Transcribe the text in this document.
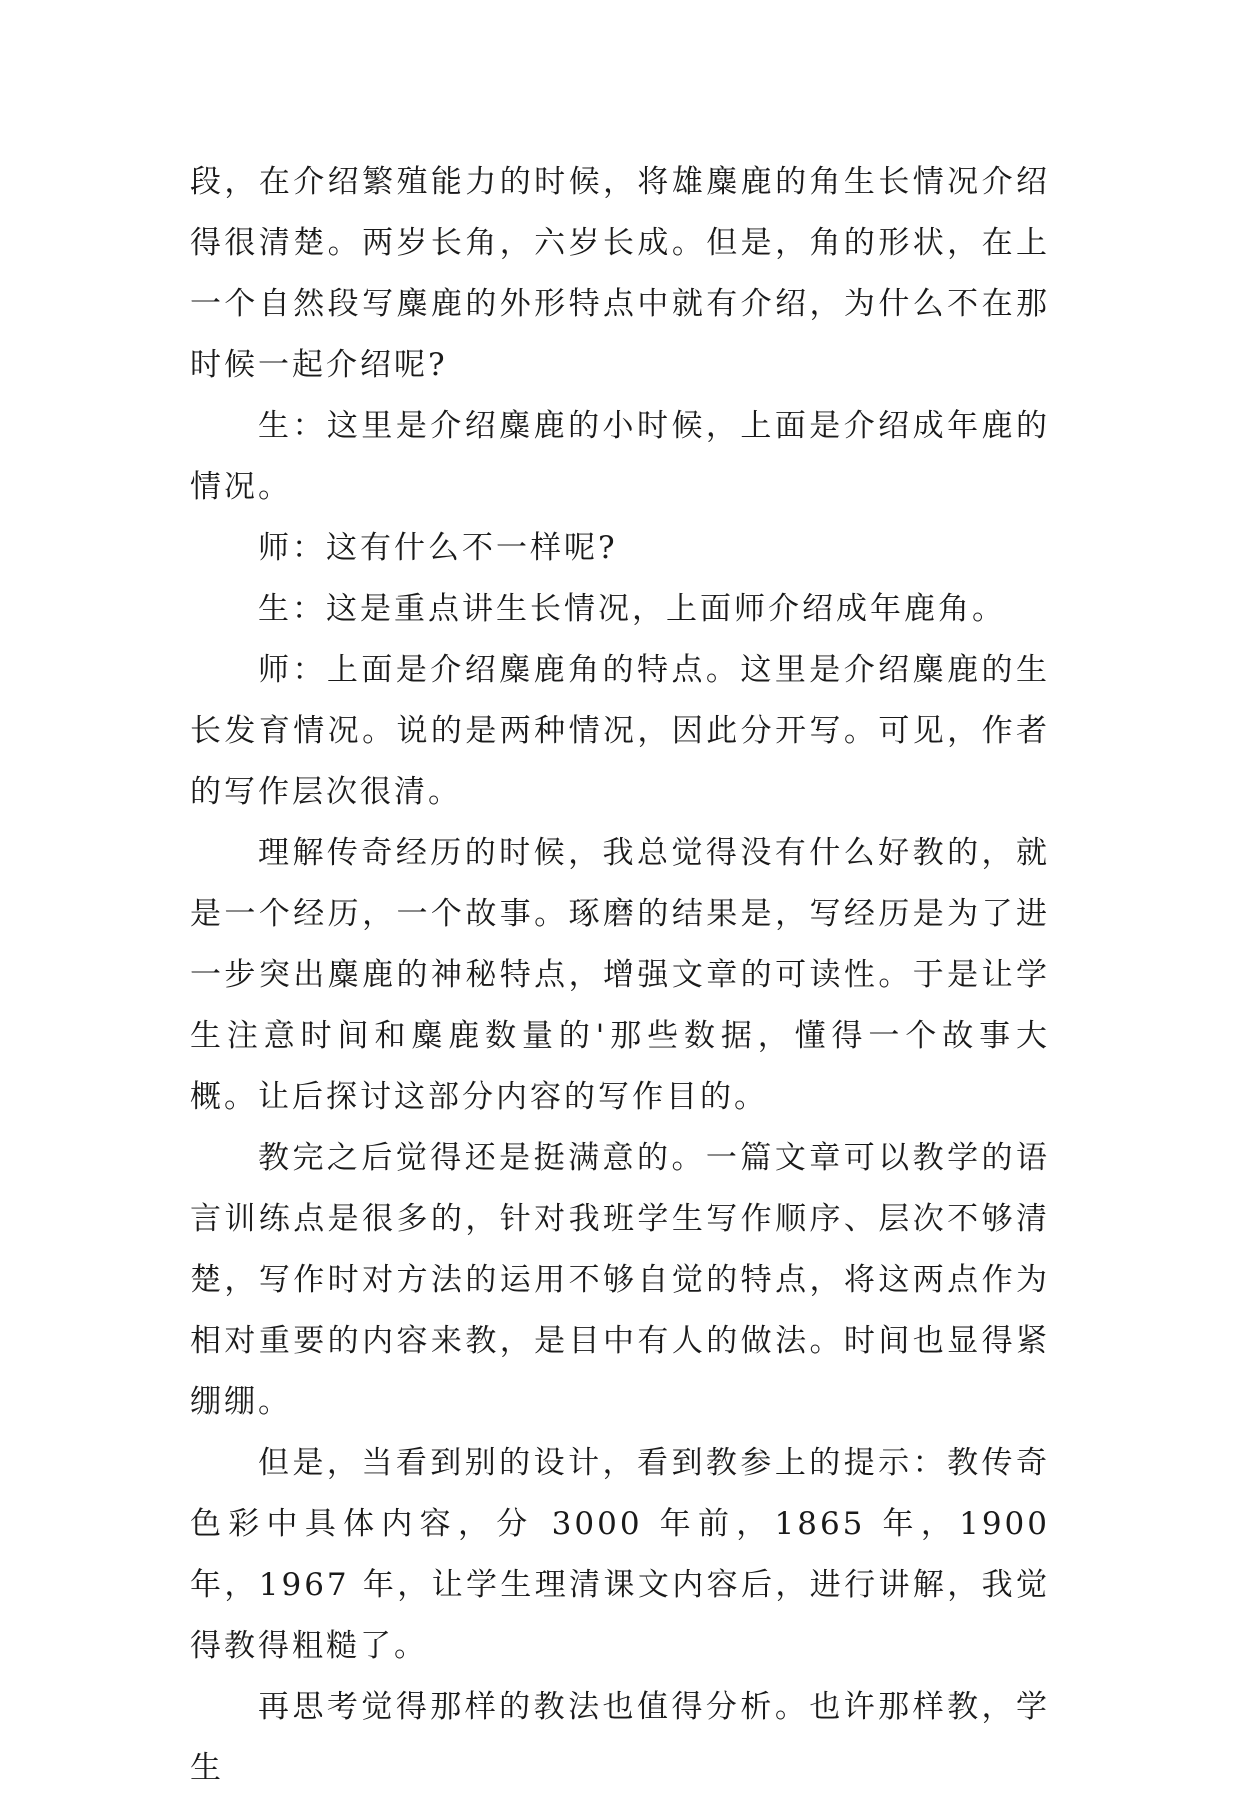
段，在介绍繁殖能力的时候，将雄麋鹿的角生长情况介绍得很清楚。两岁长角，六岁长成。但是，角的形状，在上一个自然段写麋鹿的外形特点中就有介绍，为什么不在那时候一起介绍呢?

生：这里是介绍麋鹿的小时候，上面是介绍成年鹿的情况。

师：这有什么不一样呢?

生：这是重点讲生长情况，上面师介绍成年鹿角。

师：上面是介绍麋鹿角的特点。这里是介绍麋鹿的生长发育情况。说的是两种情况，因此分开写。可见，作者的写作层次很清。

理解传奇经历的时候，我总觉得没有什么好教的，就是一个经历，一个故事。琢磨的结果是，写经历是为了进一步突出麋鹿的神秘特点，增强文章的可读性。于是让学生注意时间和麋鹿数量的'那些数据，懂得一个故事大概。让后探讨这部分内容的写作目的。

教完之后觉得还是挺满意的。一篇文章可以教学的语言训练点是很多的，针对我班学生写作顺序、层次不够清楚，写作时对方法的运用不够自觉的特点，将这两点作为相对重要的内容来教，是目中有人的做法。时间也显得紧绷绷。

但是，当看到别的设计，看到教参上的提示：教传奇色彩中具体内容，分 3000 年前，1865 年，1900 年，1967 年，让学生理清课文内容后，进行讲解，我觉得教得粗糙了。

再思考觉得那样的教法也值得分析。也许那样教，学生
